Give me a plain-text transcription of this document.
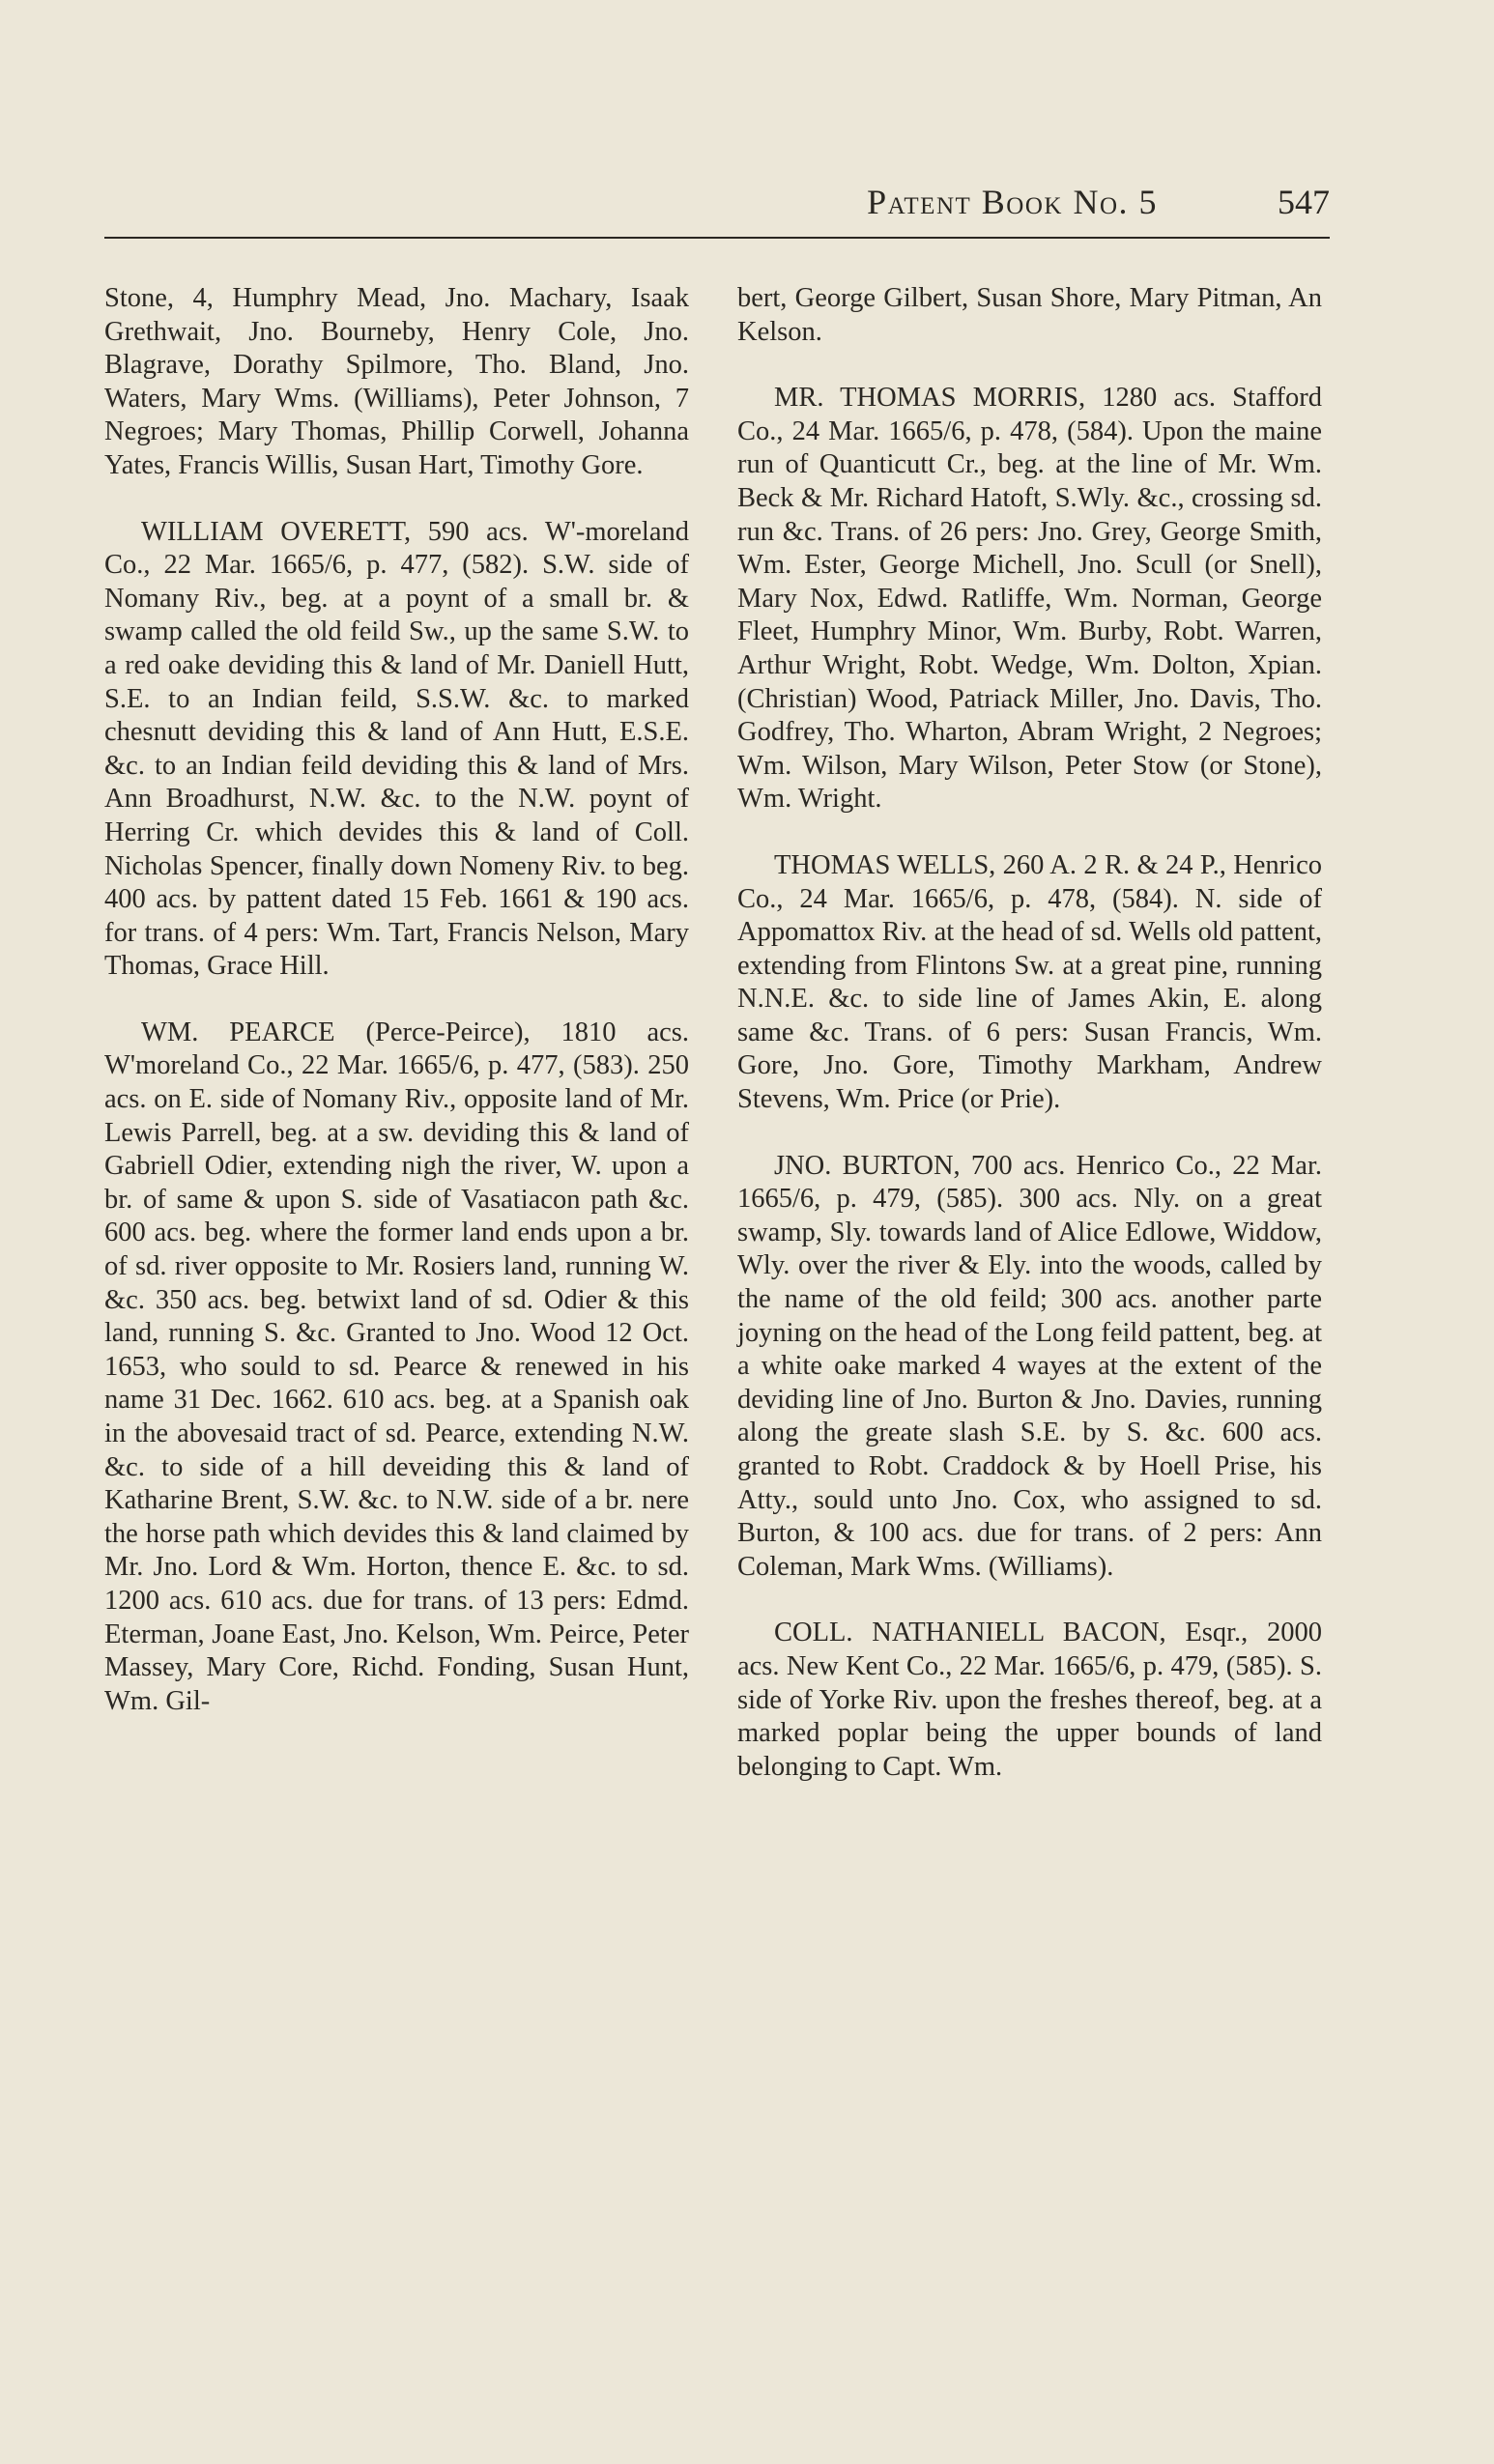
Patent Book No. 5	547

Stone, 4, Humphry Mead, Jno. Machary, Isaak Grethwait, Jno. Bourneby, Henry Cole, Jno. Blagrave, Dorathy Spilmore, Tho. Bland, Jno. Waters, Mary Wms. (Williams), Peter Johnson, 7 Negroes; Mary Thomas, Phillip Corwell, Johanna Yates, Francis Willis, Susan Hart, Timothy Gore.

WILLIAM OVERETT, 590 acs. W'-moreland Co., 22 Mar. 1665/6, p. 477, (582). S.W. side of Nomany Riv., beg. at a poynt of a small br. & swamp called the old feild Sw., up the same S.W. to a red oake deviding this & land of Mr. Daniell Hutt, S.E. to an Indian feild, S.S.W. &c. to marked chesnutt deviding this & land of Ann Hutt, E.S.E. &c. to an Indian feild deviding this & land of Mrs. Ann Broadhurst, N.W. &c. to the N.W. poynt of Herring Cr. which devides this & land of Coll. Nicholas Spencer, finally down Nomeny Riv. to beg. 400 acs. by pattent dated 15 Feb. 1661 & 190 acs. for trans. of 4 pers: Wm. Tart, Francis Nelson, Mary Thomas, Grace Hill.

WM. PEARCE (Perce-Peirce), 1810 acs. W'moreland Co., 22 Mar. 1665/6, p. 477, (583). 250 acs. on E. side of Nomany Riv., opposite land of Mr. Lewis Parrell, beg. at a sw. deviding this & land of Gabriell Odier, extending nigh the river, W. upon a br. of same & upon S. side of Vasatiacon path &c. 600 acs. beg. where the former land ends upon a br. of sd. river opposite to Mr. Rosiers land, running W. &c. 350 acs. beg. betwixt land of sd. Odier & this land, running S. &c. Granted to Jno. Wood 12 Oct. 1653, who sould to sd. Pearce & renewed in his name 31 Dec. 1662. 610 acs. beg. at a Spanish oak in the abovesaid tract of sd. Pearce, extending N.W. &c. to side of a hill deveiding this & land of Katharine Brent, S.W. &c. to N.W. side of a br. nere the horse path which devides this & land claimed by Mr. Jno. Lord & Wm. Horton, thence E. &c. to sd. 1200 acs. 610 acs. due for trans. of 13 pers: Edmd. Eterman, Joane East, Jno. Kelson, Wm. Peirce, Peter Massey, Mary Core, Richd. Fonding, Susan Hunt, Wm. Gil-

bert, George Gilbert, Susan Shore, Mary Pitman, An Kelson.

MR. THOMAS MORRIS, 1280 acs. Stafford Co., 24 Mar. 1665/6, p. 478, (584). Upon the maine run of Quanticutt Cr., beg. at the line of Mr. Wm. Beck & Mr. Richard Hatoft, S.Wly. &c., crossing sd. run &c. Trans. of 26 pers: Jno. Grey, George Smith, Wm. Ester, George Michell, Jno. Scull (or Snell), Mary Nox, Edwd. Ratliffe, Wm. Norman, George Fleet, Humphry Minor, Wm. Burby, Robt. Warren, Arthur Wright, Robt. Wedge, Wm. Dolton, Xpian. (Christian) Wood, Patriack Miller, Jno. Davis, Tho. Godfrey, Tho. Wharton, Abram Wright, 2 Negroes; Wm. Wilson, Mary Wilson, Peter Stow (or Stone), Wm. Wright.

THOMAS WELLS, 260 A. 2 R. & 24 P., Henrico Co., 24 Mar. 1665/6, p. 478, (584). N. side of Appomattox Riv. at the head of sd. Wells old pattent, extending from Flintons Sw. at a great pine, running N.N.E. &c. to side line of James Akin, E. along same &c. Trans. of 6 pers: Susan Francis, Wm. Gore, Jno. Gore, Timothy Markham, Andrew Stevens, Wm. Price (or Prie).

JNO. BURTON, 700 acs. Henrico Co., 22 Mar. 1665/6, p. 479, (585). 300 acs. Nly. on a great swamp, Sly. towards land of Alice Edlowe, Widdow, Wly. over the river & Ely. into the woods, called by the name of the old feild; 300 acs. another parte joyning on the head of the Long feild pattent, beg. at a white oake marked 4 wayes at the extent of the deviding line of Jno. Burton & Jno. Davies, running along the greate slash S.E. by S. &c. 600 acs. granted to Robt. Craddock & by Hoell Prise, his Atty., sould unto Jno. Cox, who assigned to sd. Burton, & 100 acs. due for trans. of 2 pers: Ann Coleman, Mark Wms. (Williams).

COLL. NATHANIELL BACON, Esqr., 2000 acs. New Kent Co., 22 Mar. 1665/6, p. 479, (585). S. side of Yorke Riv. upon the freshes thereof, beg. at a marked poplar being the upper bounds of land belonging to Capt. Wm.
